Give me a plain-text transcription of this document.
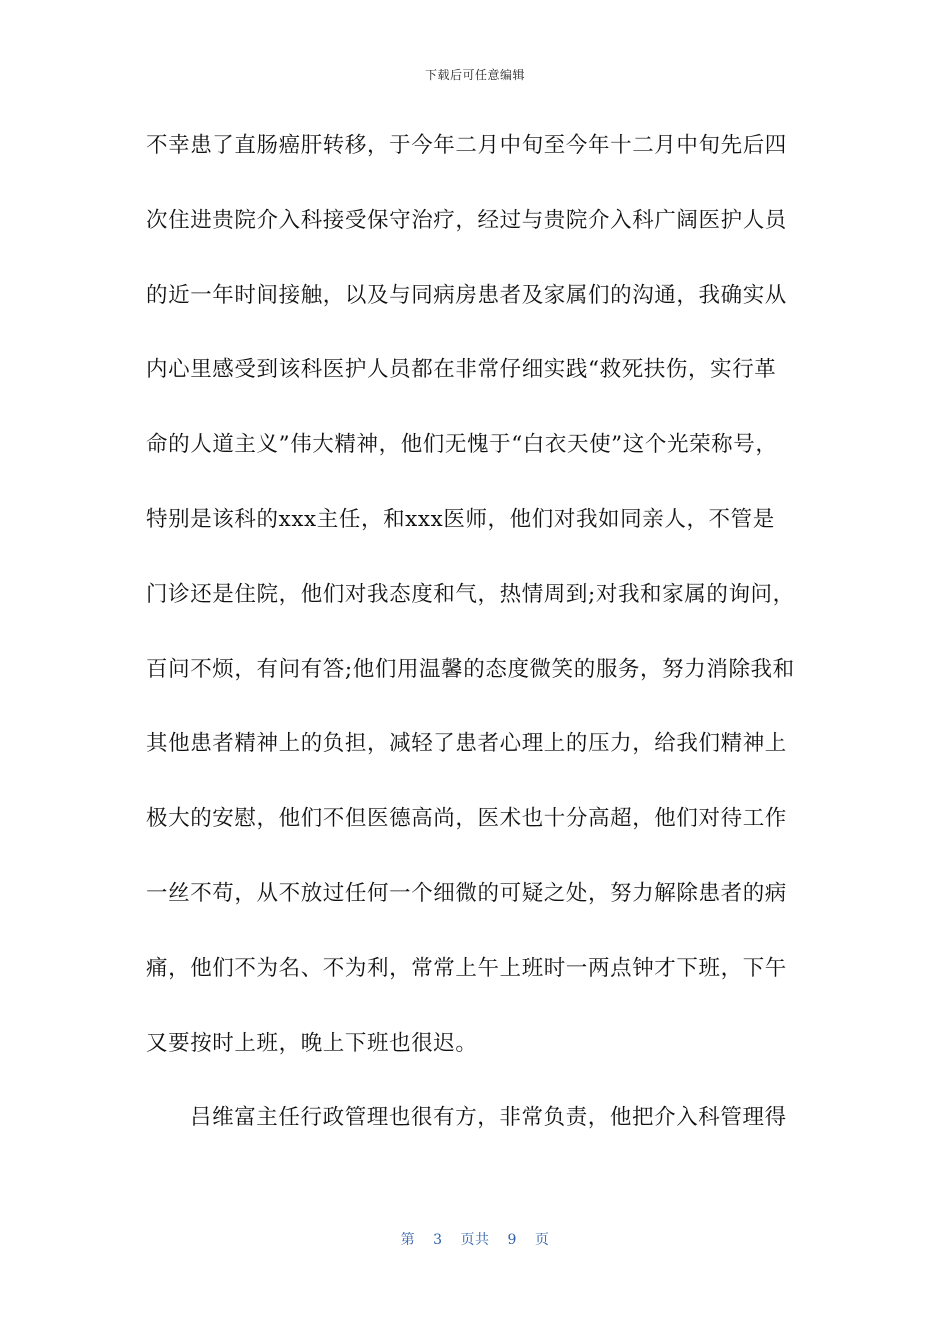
下载后可任意编辑
不幸患了直肠癌肝转移，于今年二月中旬至今年十二月中旬先后四
次住进贵院介入科接受保守治疗，经过与贵院介入科广阔医护人员
的近一年时间接触，以及与同病房患者及家属们的沟通，我确实从
内心里感受到该科医护人员都在非常仔细实践“救死扶伤，实行革
命的人道主义”伟大精神，他们无愧于“白衣天使”这个光荣称号，
特别是该科的xxx主任，和xxx医师，他们对我如同亲人，不管是
门诊还是住院，他们对我态度和气，热情周到;对我和家属的询问，
百问不烦，有问有答;他们用温馨的态度微笑的服务，努力消除我和
其他患者精神上的负担，减轻了患者心理上的压力，给我们精神上
极大的安慰，他们不但医德高尚，医术也十分高超，他们对待工作
一丝不苟，从不放过任何一个细微的可疑之处，努力解除患者的病
痛，他们不为名、不为利，常常上午上班时一两点钟才下班，下午
又要按时上班，晚上下班也很迟。
吕维富主任行政管理也很有方，非常负责，他把介入科管理得
第 3 页共 9 页
